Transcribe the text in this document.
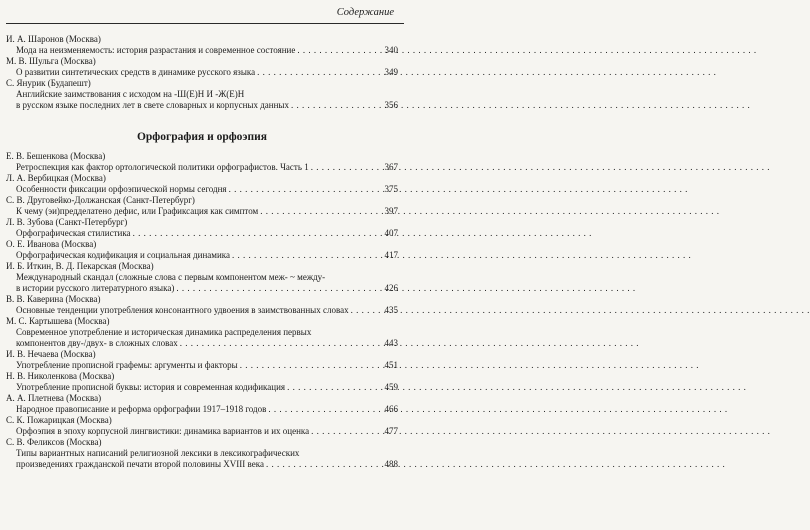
Содержание
И. А. Шаронов (Москва)
Мода на неизменяемость: история разрастания и современное состояние . . .	340
М. В. Шульга (Москва)
О развитии синтетических средств в динамике русского языка . . .	349
С. Янурик (Будапешт)
Английские заимствования с исходом на -Ш(Е)Н И -Ж(Е)Н
в русском языке последних лет в свете словарных и корпусных данных . . .	356
Орфография и орфоэпия
Е. В. Бешенкова (Москва)
Ретроспекция как фактор ортологической политики орфографистов. Часть 1 . . .	367
Л. А. Вербицкая (Москва)
Особенности фиксации орфоэпической нормы сегодня . . .	375
С. В. Друговейко-Должанская (Санкт-Петербург)
К чему (эи)предделатено дефис, или Графиксация как симптом . . .	397
Л. В. Зубова (Санкт-Петербург)
Орфографическая стилистика . . .	407
О. Е. Иванова (Москва)
Орфографическая кодификация и социальная динамика . . .	417
И. Б. Иткин, В. Д. Пекарская (Москва)
Международный скандал (сложные слова с первым компонентом меж- ~ между-
в истории русского литературного языка) . . .	426
В. В. Каверина (Москва)
Основные тенденции употребления консонантного удвоения в заимствованных словах . . .	435
М. С. Картышева (Москва)
Современное употребление и историческая динамика распределения первых
компонентов дву-/двух- в сложных словах . . .	443
И. В. Нечаева (Москва)
Употребление прописной графемы: аргументы и факторы . . .	451
Н. В. Николенкова (Москва)
Употребление прописной буквы: история и современная кодификация . . .	459
А. А. Плетнева (Москва)
Народное правописание и реформа орфографии 1917–1918 годов . . .	466
С. К. Пожарицкая (Москва)
Орфоэпия в эпоху корпусной лингвистики: динамика вариантов и их оценка . . .	477
С. В. Феликсов (Москва)
Типы вариантных написаний религиозной лексики в лексикографических
произведениях гражданской печати второй половины XVIII века . . .	488
